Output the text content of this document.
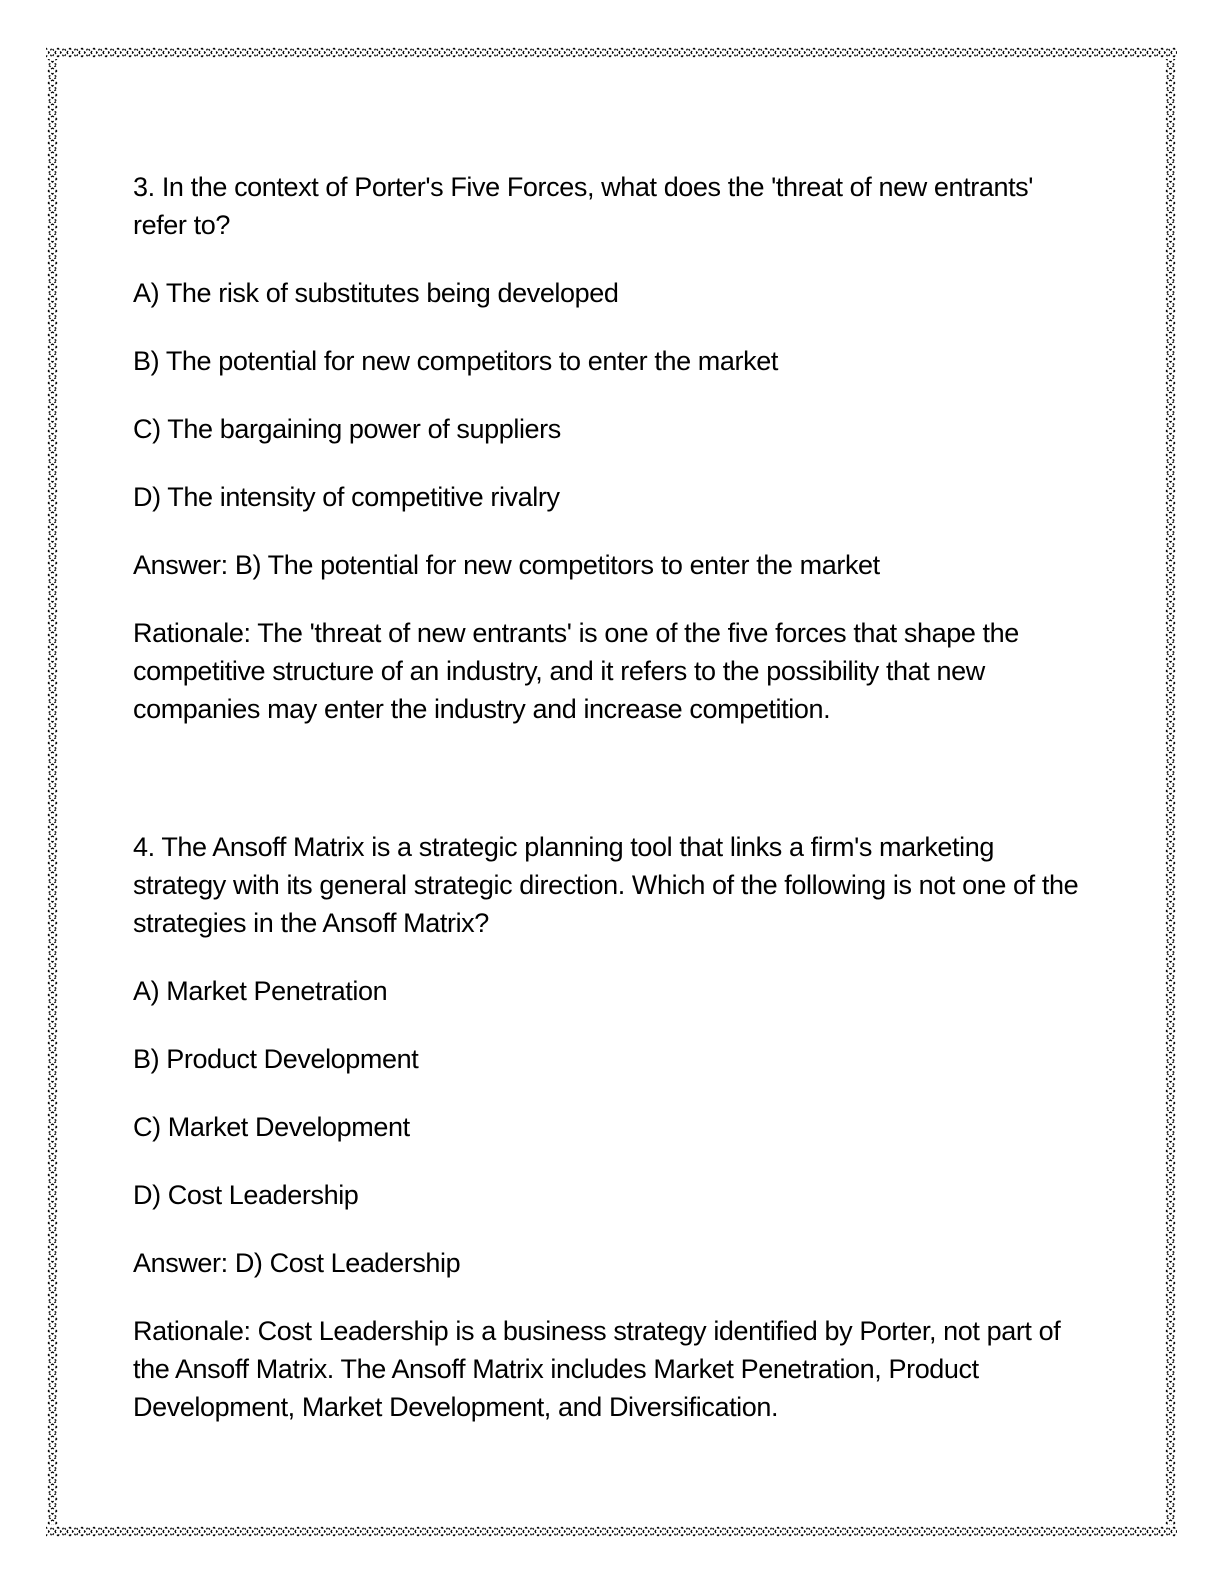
3. In the context of Porter's Five Forces, what does the 'threat of new entrants' refer to?

A) The risk of substitutes being developed

B) The potential for new competitors to enter the market

C) The bargaining power of suppliers

D) The intensity of competitive rivalry

Answer: B) The potential for new competitors to enter the market

Rationale: The 'threat of new entrants' is one of the five forces that shape the competitive structure of an industry, and it refers to the possibility that new companies may enter the industry and increase competition.

4. The Ansoff Matrix is a strategic planning tool that links a firm's marketing strategy with its general strategic direction. Which of the following is not one of the strategies in the Ansoff Matrix?

A) Market Penetration

B) Product Development

C) Market Development

D) Cost Leadership

Answer: D) Cost Leadership

Rationale: Cost Leadership is a business strategy identified by Porter, not part of the Ansoff Matrix. The Ansoff Matrix includes Market Penetration, Product Development, Market Development, and Diversification.
